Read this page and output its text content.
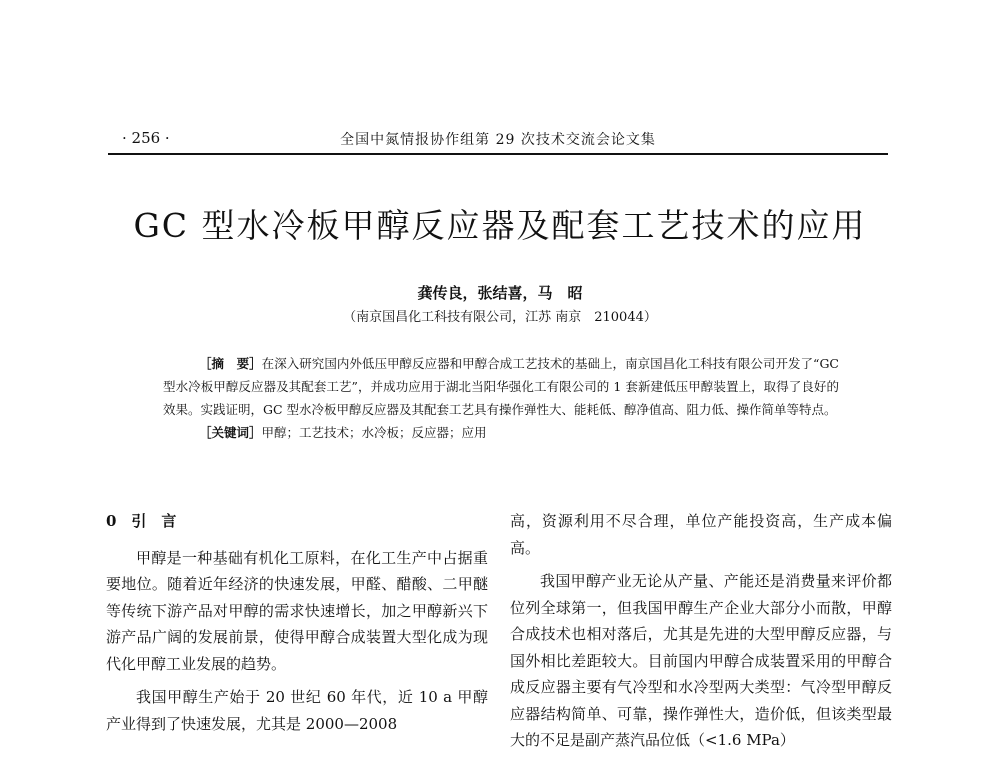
· 256 ·	全国中氮情报协作组第 29 次技术交流会论文集
GC 型水冷板甲醇反应器及配套工艺技术的应用
龚传良，张结喜，马　昭
（南京国昌化工科技有限公司，江苏 南京　210044）

［摘　要］在深入研究国内外低压甲醇反应器和甲醇合成工艺技术的基础上，南京国昌化工科技有限公司开发了“GC 型水冷板甲醇反应器及其配套工艺”，并成功应用于湖北当阳华强化工有限公司的 1 套新建低压甲醇装置上，取得了良好的效果。实践证明，GC 型水冷板甲醇反应器及其配套工艺具有操作弹性大、能耗低、醇净值高、阻力低、操作简单等特点。

［关键词］甲醇；工艺技术；水冷板；反应器；应用

0　引　言

甲醇是一种基础有机化工原料，在化工生产中占据重要地位。随着近年经济的快速发展，甲醛、醋酸、二甲醚等传统下游产品对甲醇的需求快速增长，加之甲醇新兴下游产品广阔的发展前景，使得甲醇合成装置大型化成为现代化甲醇工业发展的趋势。

我国甲醇生产始于 20 世纪 60 年代，近 10 a 甲醇产业得到了快速发展，尤其是 2000—2008

高，资源利用不尽合理，单位产能投资高，生产成本偏高。

我国甲醇产业无论从产量、产能还是消费量来评价都位列全球第一，但我国甲醇生产企业大部分小而散，甲醇合成技术也相对落后，尤其是先进的大型甲醇反应器，与国外相比差距较大。目前国内甲醇合成装置采用的甲醇合成反应器主要有气冷型和水冷型两大类型：气冷型甲醇反应器结构简单、可靠，操作弹性大，造价低，但该类型最大的不足是副产蒸汽品位低（<1.6 MPa）
